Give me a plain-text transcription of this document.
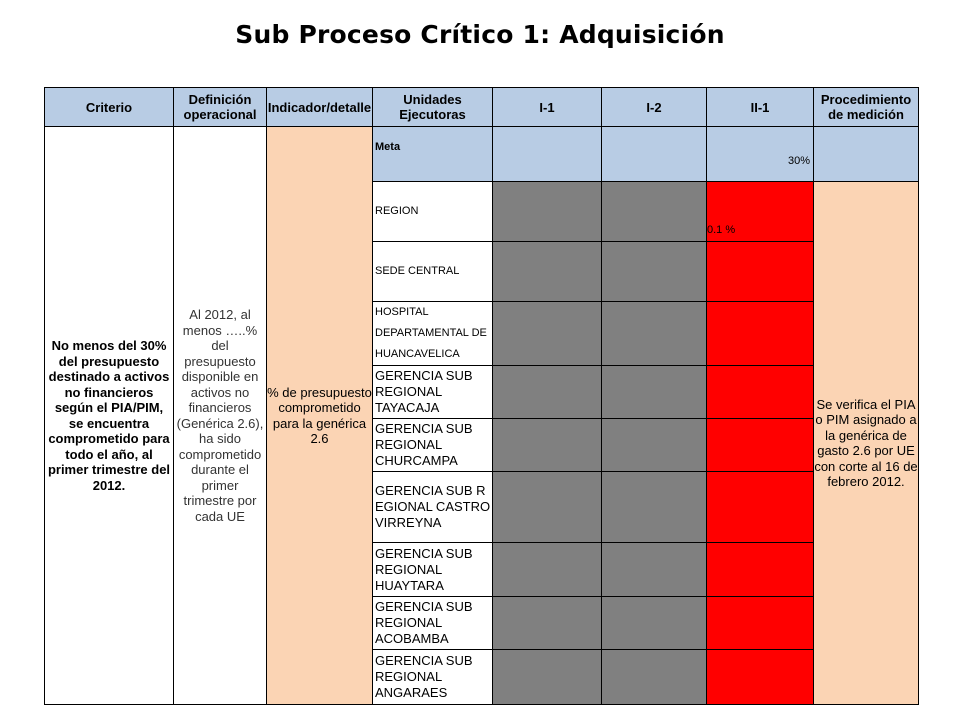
Sub Proceso Crítico 1: Adquisición
Criterio	Definición operacional	Indicador/detalle	Unidades Ejecutoras	I-1	I-2	II-1	Procedimiento de medición
No menos del 30% del presupuesto destinado a activos no financieros según el PIA/PIM, se encuentra comprometido para todo el año, al primer trimestre del 2012.	Al 2012, al menos …..% del presupuesto disponible en activos no financieros (Genérica 2.6), ha sido comprometido durante el primer trimestre por cada UE	% de presupuesto comprometido para la genérica 2.6	Meta			30%	

			REGION			0.1 %	Se verifica el PIA o PIM asignado a la genérica de gasto 2.6 por UE con corte al 16 de febrero 2012.
			SEDE CENTRAL				
			HOSPITAL DEPARTAMENTAL DE HUANCAVELICA				
			GERENCIA SUB REGIONAL TAYACAJA				
			GERENCIA SUB REGIONAL CHURCAMPA				
			GERENCIA SUB REGIONAL CASTROVIRREYNA				
			GERENCIA SUB REGIONAL HUAYTARA				
			GERENCIA SUB REGIONAL ACOBAMBA				
			GERENCIA SUB REGIONAL ANGARAES				
